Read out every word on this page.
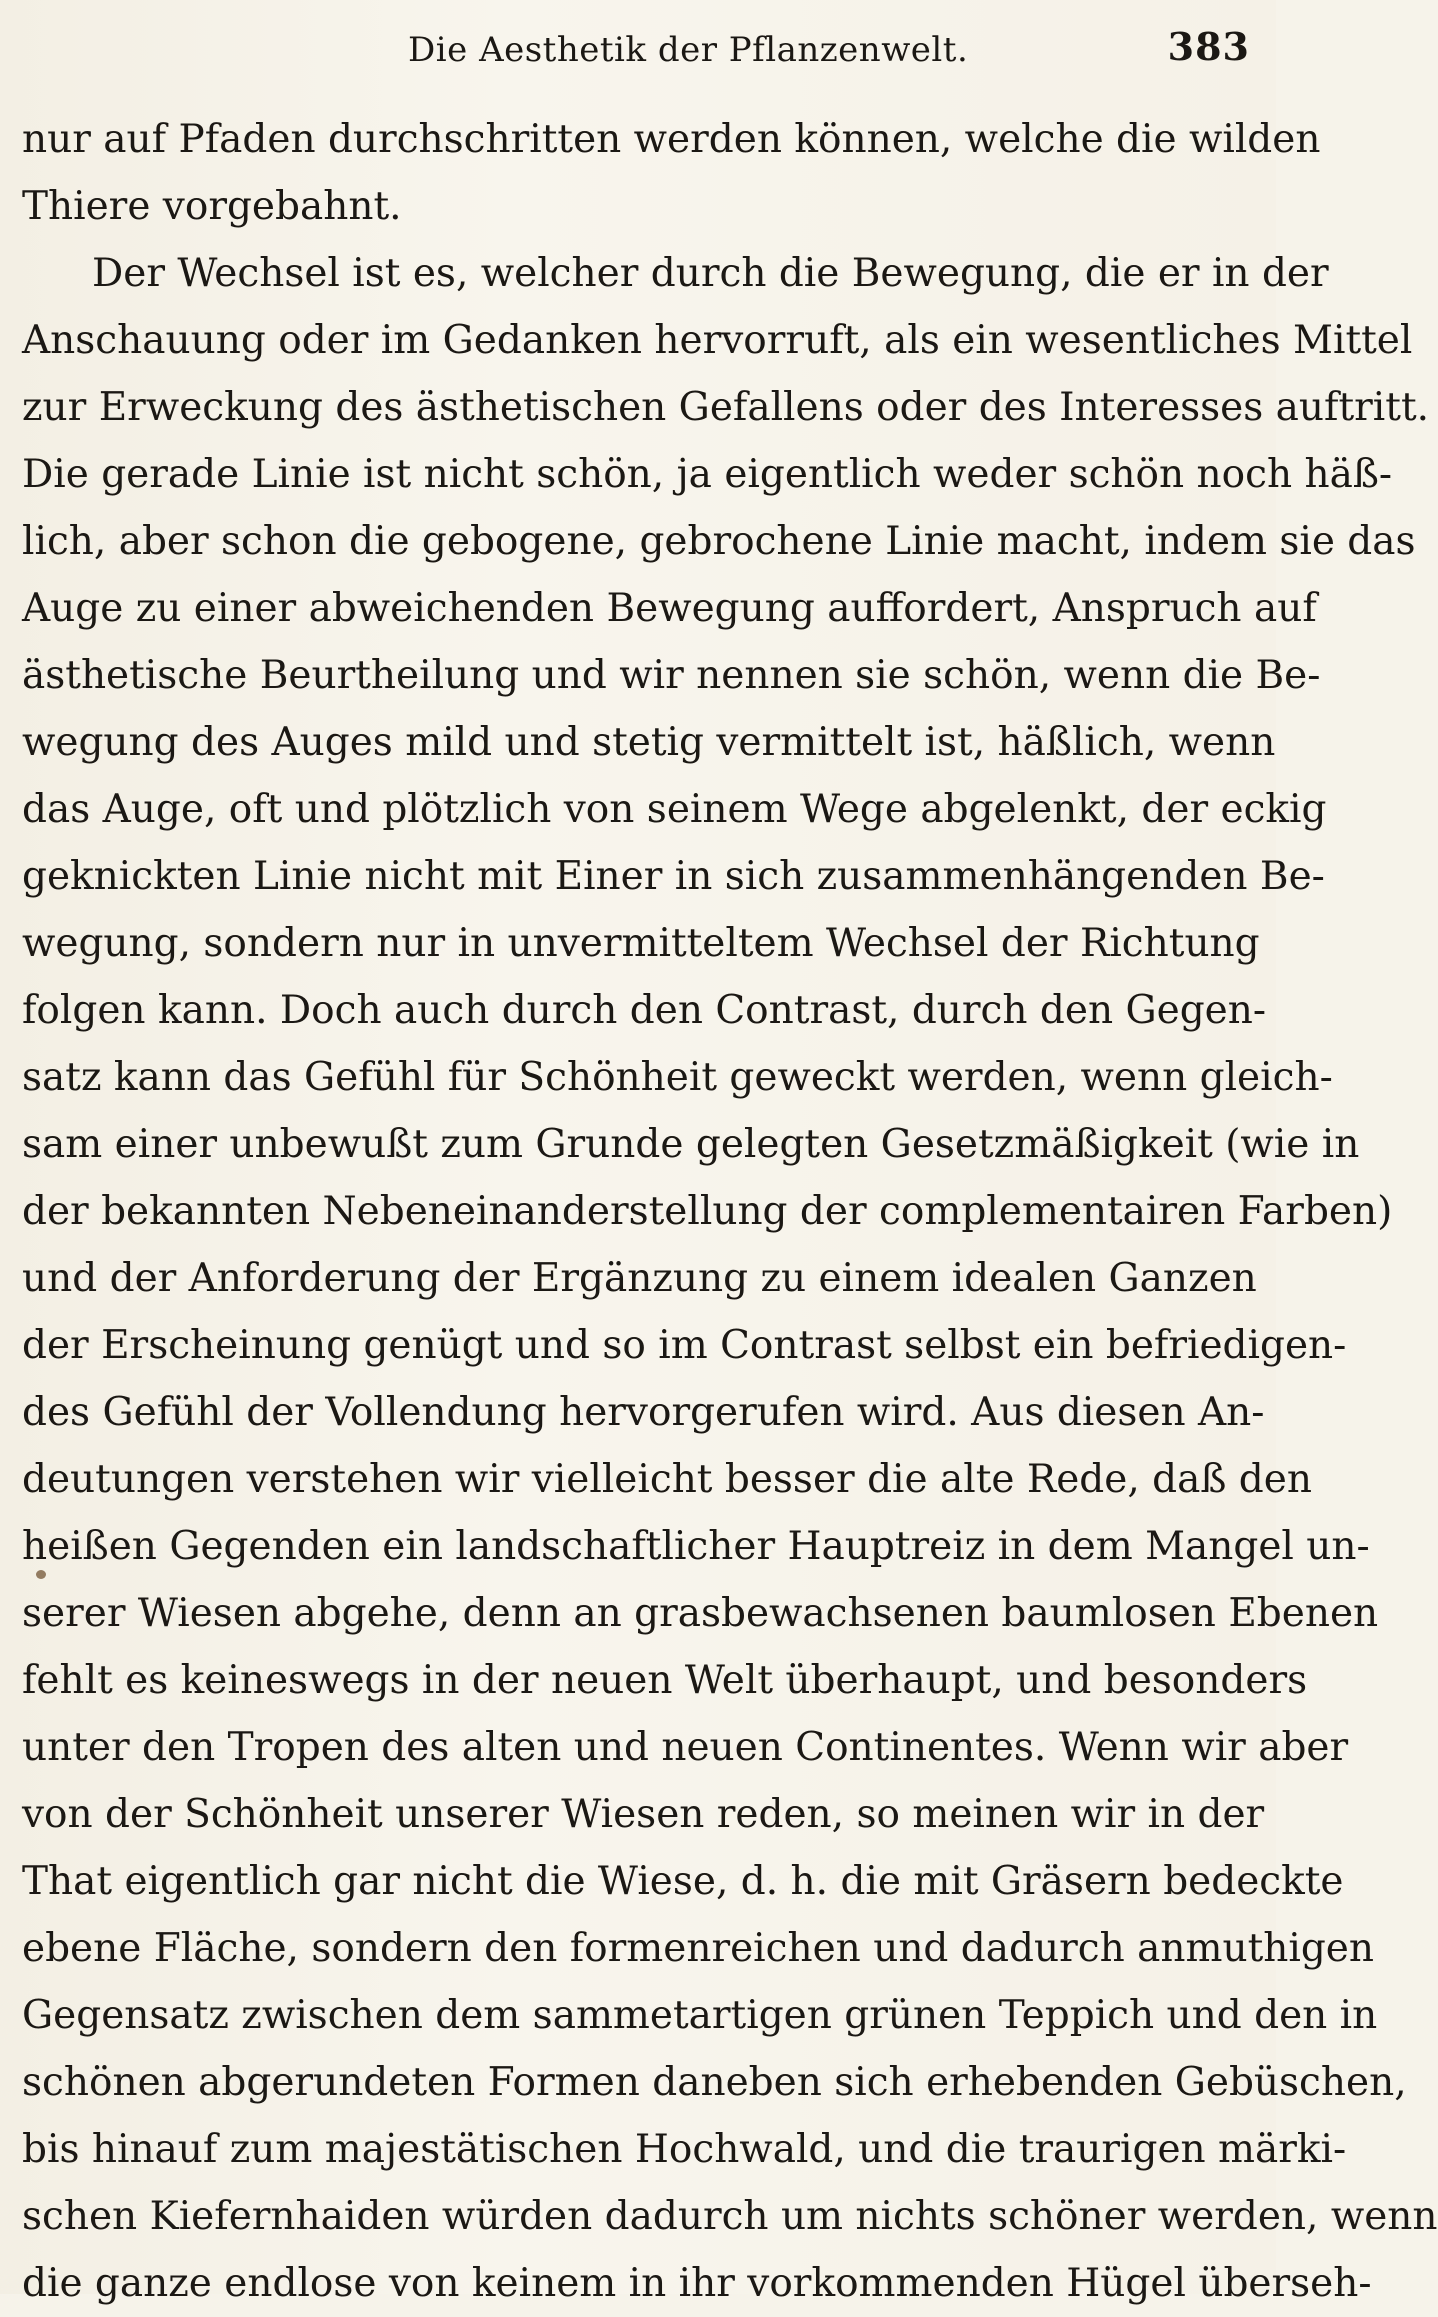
Die Aesthetik der Pflanzenwelt.	383
nur auf Pfaden durchschritten werden können, welche die wilden
Thiere vorgebahnt.
Der Wechsel ist es, welcher durch die Bewegung, die er in der
Anschauung oder im Gedanken hervorruft, als ein wesentliches Mittel
zur Erweckung des ästhetischen Gefallens oder des Interesses auftritt.
Die gerade Linie ist nicht schön, ja eigentlich weder schön noch häß-
lich, aber schon die gebogene, gebrochene Linie macht, indem sie das
Auge zu einer abweichenden Bewegung auffordert, Anspruch auf
ästhetische Beurtheilung und wir nennen sie schön, wenn die Be-
wegung des Auges mild und stetig vermittelt ist, häßlich, wenn
das Auge, oft und plötzlich von seinem Wege abgelenkt, der eckig
geknickten Linie nicht mit Einer in sich zusammenhängenden Be-
wegung, sondern nur in unvermitteltem Wechsel der Richtung
folgen kann. Doch auch durch den Contrast, durch den Gegen-
satz kann das Gefühl für Schönheit geweckt werden, wenn gleich-
sam einer unbewußt zum Grunde gelegten Gesetzmäßigkeit (wie in
der bekannten Nebeneinanderstellung der complementairen Farben)
und der Anforderung der Ergänzung zu einem idealen Ganzen
der Erscheinung genügt und so im Contrast selbst ein befriedigen-
des Gefühl der Vollendung hervorgerufen wird. Aus diesen An-
deutungen verstehen wir vielleicht besser die alte Rede, daß den
heißen Gegenden ein landschaftlicher Hauptreiz in dem Mangel un-
serer Wiesen abgehe, denn an grasbewachsenen baumlosen Ebenen
fehlt es keineswegs in der neuen Welt überhaupt, und besonders
unter den Tropen des alten und neuen Continentes. Wenn wir aber
von der Schönheit unserer Wiesen reden, so meinen wir in der
That eigentlich gar nicht die Wiese, d. h. die mit Gräsern bedeckte
ebene Fläche, sondern den formenreichen und dadurch anmuthigen
Gegensatz zwischen dem sammetartigen grünen Teppich und den in
schönen abgerundeten Formen daneben sich erhebenden Gebüschen,
bis hinauf zum majestätischen Hochwald, und die traurigen märki-
schen Kiefernhaiden würden dadurch um nichts schöner werden, wenn
die ganze endlose von keinem in ihr vorkommenden Hügel überseh-
